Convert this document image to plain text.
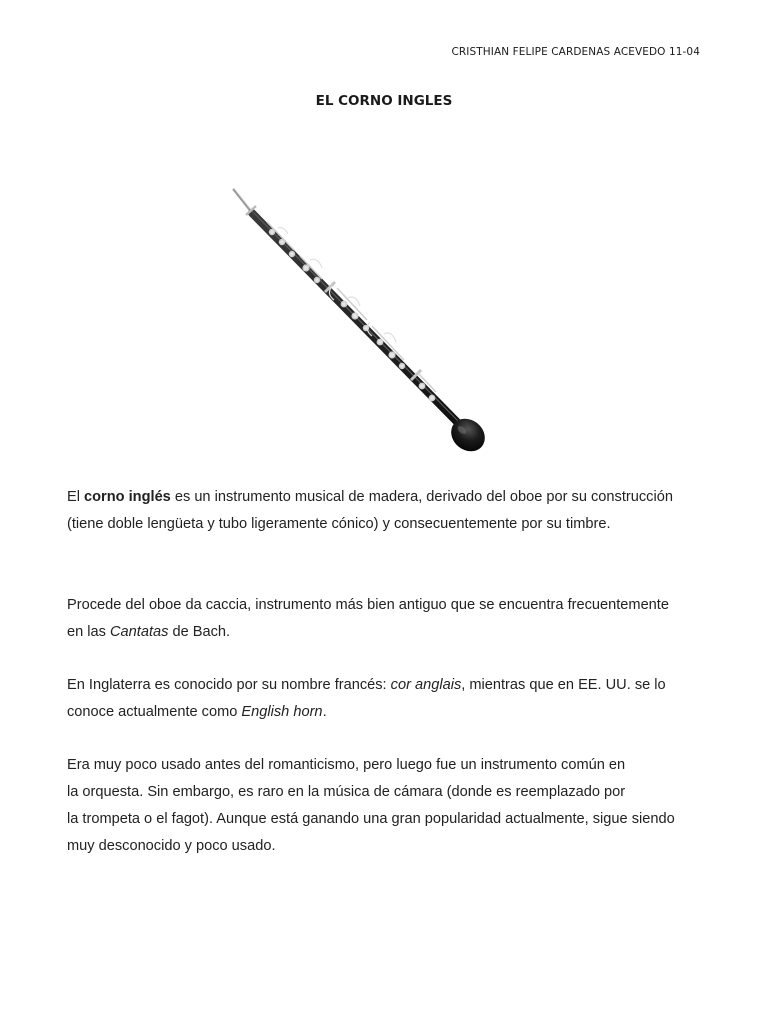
CRISTHIAN FELIPE CARDENAS ACEVEDO 11-04
EL CORNO INGLES

El corno inglés es un instrumento musical de madera, derivado del oboe por su construcción

(tiene doble lengüeta y tubo ligeramente cónico) y consecuentemente por su timbre.

Procede del oboe da caccia, instrumento más bien antiguo que se encuentra frecuentemente

en las Cantatas de Bach.

En Inglaterra es conocido por su nombre francés: cor anglais, mientras que en EE. UU. se lo

conoce actualmente como English horn.

Era muy poco usado antes del romanticismo, pero luego fue un instrumento común en

la orquesta. Sin embargo, es raro en la música de cámara (donde es reemplazado por

la trompeta o el fagot). Aunque está ganando una gran popularidad actualmente, sigue siendo

muy desconocido y poco usado.
